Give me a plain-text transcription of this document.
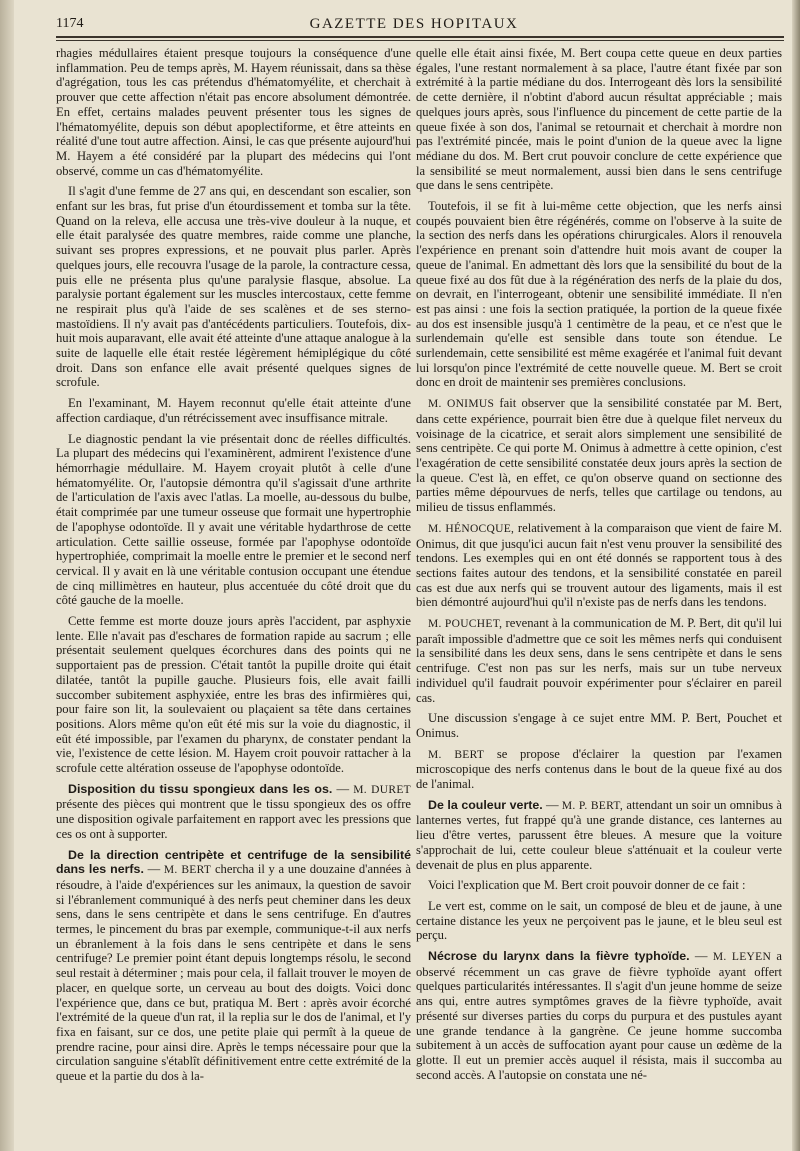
1174	GAZETTE DES HOPITAUX

rhagies médullaires étaient presque toujours la conséquence d'une inflammation. Peu de temps après, M. Hayem réunissait, dans sa thèse d'agrégation, tous les cas prétendus d'hématomyélite, et cherchait à prouver que cette affection n'était pas encore absolument démontrée. En effet, certains malades peuvent présenter tous les signes de l'hématomyélite, depuis son début apoplectiforme, et être atteints en réalité d'une tout autre affection. Ainsi, le cas que présente aujourd'hui M. Hayem a été considéré par la plupart des médecins qui l'ont observé, comme un cas d'hématomyélite.

Il s'agit d'une femme de 27 ans qui, en descendant son escalier, son enfant sur les bras, fut prise d'un étourdissement et tomba sur la tête. Quand on la releva, elle accusa une très-vive douleur à la nuque, et elle était paralysée des quatre membres, raide comme une planche, suivant ses propres expressions, et ne pouvait plus parler. Après quelques jours, elle recouvra l'usage de la parole, la contracture cessa, puis elle ne présenta plus qu'une paralysie flasque, absolue. La paralysie portant également sur les muscles intercostaux, cette femme ne respirait plus qu'à l'aide de ses scalènes et de ses sterno-mastoïdiens. Il n'y avait pas d'antécédents particuliers. Toutefois, dix-huit mois auparavant, elle avait été atteinte d'une attaque analogue à la suite de laquelle elle était restée légèrement hémiplégique du côté droit. Dans son enfance elle avait présenté quelques signes de scrofule.

En l'examinant, M. Hayem reconnut qu'elle était atteinte d'une affection cardiaque, d'un rétrécissement avec insuffisance mitrale.

Le diagnostic pendant la vie présentait donc de réelles difficultés. La plupart des médecins qui l'examinèrent, admirent l'existence d'une hémorrhagie médullaire. M. Hayem croyait plutôt à celle d'une hématomyélite. Or, l'autopsie démontra qu'il s'agissait d'une arthrite de l'articulation de l'axis avec l'atlas. La moelle, au-dessous du bulbe, était comprimée par une tumeur osseuse que formait une hypertrophie de l'apophyse odontoïde. Il y avait une véritable hydarthrose de cette articulation. Cette saillie osseuse, formée par l'apophyse odontoïde hypertrophiée, comprimait la moelle entre le premier et le second nerf cervical. Il y avait en là une véritable contusion occupant une étendue de cinq millimètres en hauteur, plus accentuée du côté droit que du côté gauche de la moelle.

Cette femme est morte douze jours après l'accident, par asphyxie lente. Elle n'avait pas d'eschares de formation rapide au sacrum ; elle présentait seulement quelques écorchures dans des points qui ne supportaient pas de pression. C'était tantôt la pupille droite qui était dilatée, tantôt la pupille gauche. Plusieurs fois, elle avait failli succomber subitement asphyxiée, entre les bras des infirmières qui, pour faire son lit, la soulevaient ou plaçaient sa tête dans certaines positions. Alors même qu'on eût été mis sur la voie du diagnostic, il eût été impossible, par l'examen du pharynx, de constater pendant la vie, l'existence de cette lésion. M. Hayem croit pouvoir rattacher à la scrofule cette altération osseuse de l'apophyse odontoïde.

Disposition du tissu spongieux dans les os. — M. DURET présente des pièces qui montrent que le tissu spongieux des os offre une disposition ogivale parfaitement en rapport avec les pressions que ces os ont à supporter.

De la direction centripète et centrifuge de la sensibilité dans les nerfs. — M. BERT chercha il y a une douzaine d'années à résoudre, à l'aide d'expériences sur les animaux, la question de savoir si l'ébranlement communiqué à des nerfs peut cheminer dans les deux sens, dans le sens centripète et dans le sens centrifuge. En d'autres termes, le pincement du bras par exemple, communique-t-il aux nerfs un ébranlement à la fois dans le sens centripète et dans le sens centrifuge? Le premier point étant depuis longtemps résolu, le second seul restait à déterminer ; mais pour cela, il fallait trouver le moyen de placer, en quelque sorte, un cerveau au bout des doigts. Voici donc l'expérience que, dans ce but, pratiqua M. Bert : après avoir écorché l'extrémité de la queue d'un rat, il la replia sur le dos de l'animal, et l'y fixa en faisant, sur ce dos, une petite plaie qui permît à la queue de prendre racine, pour ainsi dire. Après le temps nécessaire pour que la circulation sanguine s'établît définitivement entre cette extrémité de la queue et la partie du dos à la-

quelle elle était ainsi fixée, M. Bert coupa cette queue en deux parties égales, l'une restant normalement à sa place, l'autre étant fixée par son extrémité à la partie médiane du dos. Interrogeant dès lors la sensibilité de cette dernière, il n'obtint d'abord aucun résultat appréciable ; mais quelques jours après, sous l'influence du pincement de cette partie de la queue fixée à son dos, l'animal se retournait et cherchait à mordre non pas l'extrémité pincée, mais le point d'union de la queue avec la ligne médiane du dos. M. Bert crut pouvoir conclure de cette expérience que la sensibilité se meut normalement, aussi bien dans le sens centrifuge que dans le sens centripète.

Toutefois, il se fit à lui-même cette objection, que les nerfs ainsi coupés pouvaient bien être régénérés, comme on l'observe à la suite de la section des nerfs dans les opérations chirurgicales. Alors il renouvela l'expérience en prenant soin d'attendre huit mois avant de couper la queue de l'animal. En admettant dès lors que la sensibilité du bout de la queue fixé au dos fût due à la régénération des nerfs de la plaie du dos, on devrait, en l'interrogeant, obtenir une sensibilité immédiate. Il n'en est pas ainsi : une fois la section pratiquée, la portion de la queue fixée au dos est insensible jusqu'à 1 centimètre de la peau, et ce n'est que le surlendemain qu'elle est sensible dans toute son étendue. Le surlendemain, cette sensibilité est même exagérée et l'animal fuit devant lui lorsqu'on pince l'extrémité de cette nouvelle queue. M. Bert se croit donc en droit de maintenir ses premières conclusions.

M. ONIMUS fait observer que la sensibilité constatée par M. Bert, dans cette expérience, pourrait bien être due à quelque filet nerveux du voisinage de la cicatrice, et serait alors simplement une sensibilité de sens centripète. Ce qui porte M. Onimus à admettre à cette opinion, c'est l'exagération de cette sensibilité constatée deux jours après la section de la queue. C'est là, en effet, ce qu'on observe quand on sectionne des parties même dépourvues de nerfs, telles que cartilage ou tendons, au milieu de tissus enflammés.

M. HÉNOCQUE, relativement à la comparaison que vient de faire M. Onimus, dit que jusqu'ici aucun fait n'est venu prouver la sensibilité des tendons. Les exemples qui en ont été donnés se rapportent tous à des sections faites autour des tendons, et la sensibilité constatée en pareil cas est due aux nerfs qui se trouvent autour des ligaments, mais il est bien démontré aujourd'hui qu'il n'existe pas de nerfs dans les tendons.

M. POUCHET, revenant à la communication de M. P. Bert, dit qu'il lui paraît impossible d'admettre que ce soit les mêmes nerfs qui conduisent la sensibilité dans les deux sens, dans le sens centripète et dans le sens centrifuge. C'est non pas sur les nerfs, mais sur un tube nerveux individuel qu'il faudrait pouvoir expérimenter pour s'éclairer en pareil cas.

Une discussion s'engage à ce sujet entre MM. P. Bert, Pouchet et Onimus.

M. BERT se propose d'éclairer la question par l'examen microscopique des nerfs contenus dans le bout de la queue fixé au dos de l'animal.

De la couleur verte. — M. P. BERT, attendant un soir un omnibus à lanternes vertes, fut frappé qu'à une grande distance, ces lanternes au lieu d'être vertes, parussent être bleues. A mesure que la voiture s'approchait de lui, cette couleur bleue s'atténuait et la couleur verte devenait de plus en plus apparente.

Voici l'explication que M. Bert croit pouvoir donner de ce fait :

Le vert est, comme on le sait, un composé de bleu et de jaune, à une certaine distance les yeux ne perçoivent pas le jaune, et le bleu seul est perçu.

Nécrose du larynx dans la fièvre typhoïde. — M. LEYEN a observé récemment un cas grave de fièvre typhoïde ayant offert quelques particularités intéressantes. Il s'agit d'un jeune homme de seize ans qui, entre autres symptômes graves de la fièvre typhoïde, avait présenté sur diverses parties du corps du purpura et des pustules ayant une grande tendance à la gangrène. Ce jeune homme succomba subitement à un accès de suffocation ayant pour cause un œdème de la glotte. Il eut un premier accès auquel il résista, mais il succomba au second accès. A l'autopsie on constata une né-
